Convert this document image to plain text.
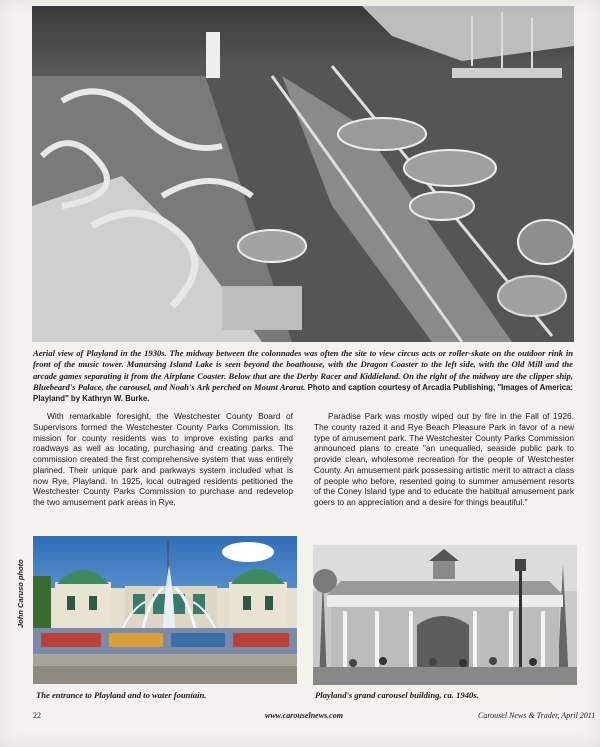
Aerial view of Playland in the 1930s. The midway between the colonnades was often the site to view circus acts or roller-skate on the outdoor rink in front of the music tower. Manursing Island Lake is seen beyond the boathouse, with the Dragon Coaster to the left side, with the Old Mill and the arcade games separating it from the Airplane Coaster. Below that are the Derby Racer and Kiddieland. On the right of the midway are the clipper ship, Bluebeard's Palace, the carousel, and Noah's Ark perched on Mount Ararat. Photo and caption courtesy of Arcadia Publishing, "Images of America: Playland" by Kathryn W. Burke.
With remarkable foresight, the Westchester County Board of Supervisors formed the Westchester County Parks Commission. Its mission for county residents was to improve existing parks and roadways as well as locating, purchasing and creating parks. The commission created the first comprehensive system that was entirely planned. Their unique park and parkways system included what is now Rye, Playland. In 1925, local outraged residents petitioned the Westchester County Parks Commission to purchase and redevelop the two amusement park areas in Rye.
Paradise Park was mostly wiped out by fire in the Fall of 1926. The county razed it and Rye Beach Pleasure Park in favor of a new type of amusement park. The Westchester County Parks Commission announced plans to create "an unequalled, seaside public park to provide clean, wholesome recreation for the people of Westchester County. An amusement park possessing artistic merit to attract a class of people who before, resented going to summer amusement resorts of the Coney Island type and to educate the habitual amusement park goers to an appreciation and a desire for things beautiful."
John Caruso photo
The entrance to Playland and to water fountain.	Playland's grand carousel building, ca. 1940s.
22	www.carouselnews.com	Carousel News & Trader, April 2011
